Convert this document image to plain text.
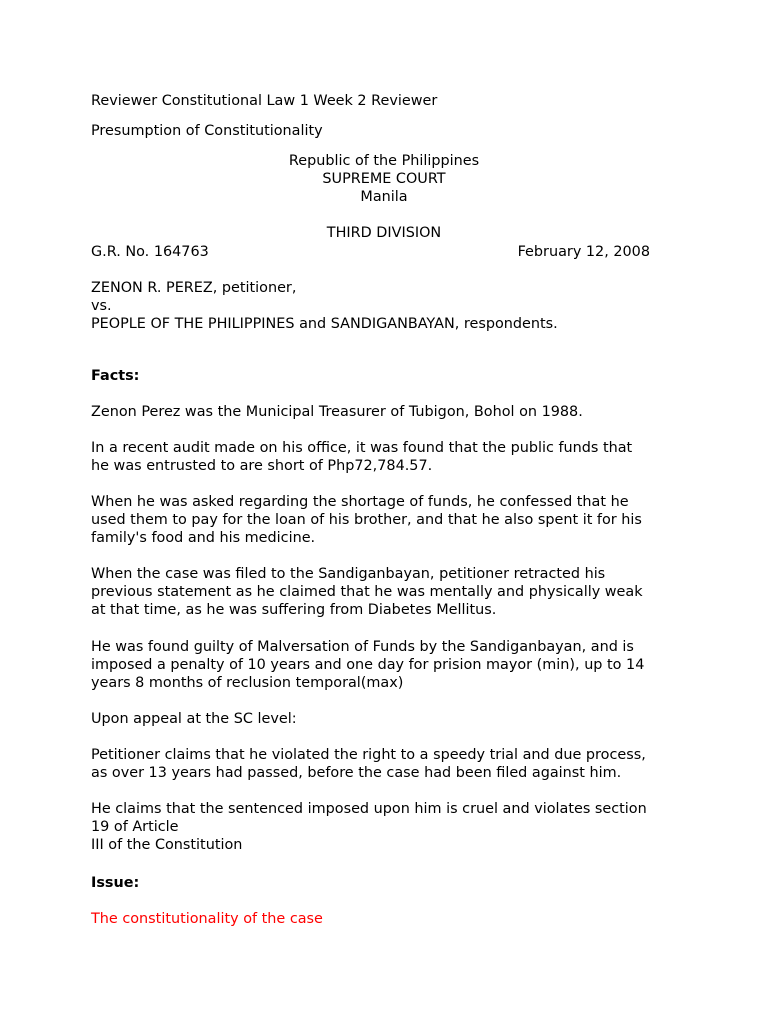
Reviewer Constitutional Law 1 Week 2 Reviewer
Presumption of Constitutionality
Republic of the Philippines
SUPREME COURT
Manila
THIRD DIVISION
G.R. No. 164763	February 12, 2008
ZENON R. PEREZ, petitioner,
vs.
PEOPLE OF THE PHILIPPINES and SANDIGANBAYAN, respondents.
Facts:
Zenon Perez was the Municipal Treasurer of Tubigon, Bohol on 1988.
In a recent audit made on his office, it was found that the public funds that
he was entrusted to are short of Php72,784.57.
When he was asked regarding the shortage of funds, he confessed that he
used them to pay for the loan of his brother, and that he also spent it for his
family's food and his medicine.
When the case was filed to the Sandiganbayan, petitioner retracted his
previous statement as he claimed that he was mentally and physically weak
at that time, as he was suffering from Diabetes Mellitus.
He was found guilty of Malversation of Funds by the Sandiganbayan, and is
imposed a penalty of 10 years and one day for prision mayor (min), up to 14
years 8 months of reclusion temporal(max)
Upon appeal at the SC level:
Petitioner claims that he violated the right to a speedy trial and due process,
as over 13 years had passed, before the case had been filed against him.
He claims that the sentenced imposed upon him is cruel and violates section
19 of Article
III of the Constitution
Issue:
The constitutionality of the case
